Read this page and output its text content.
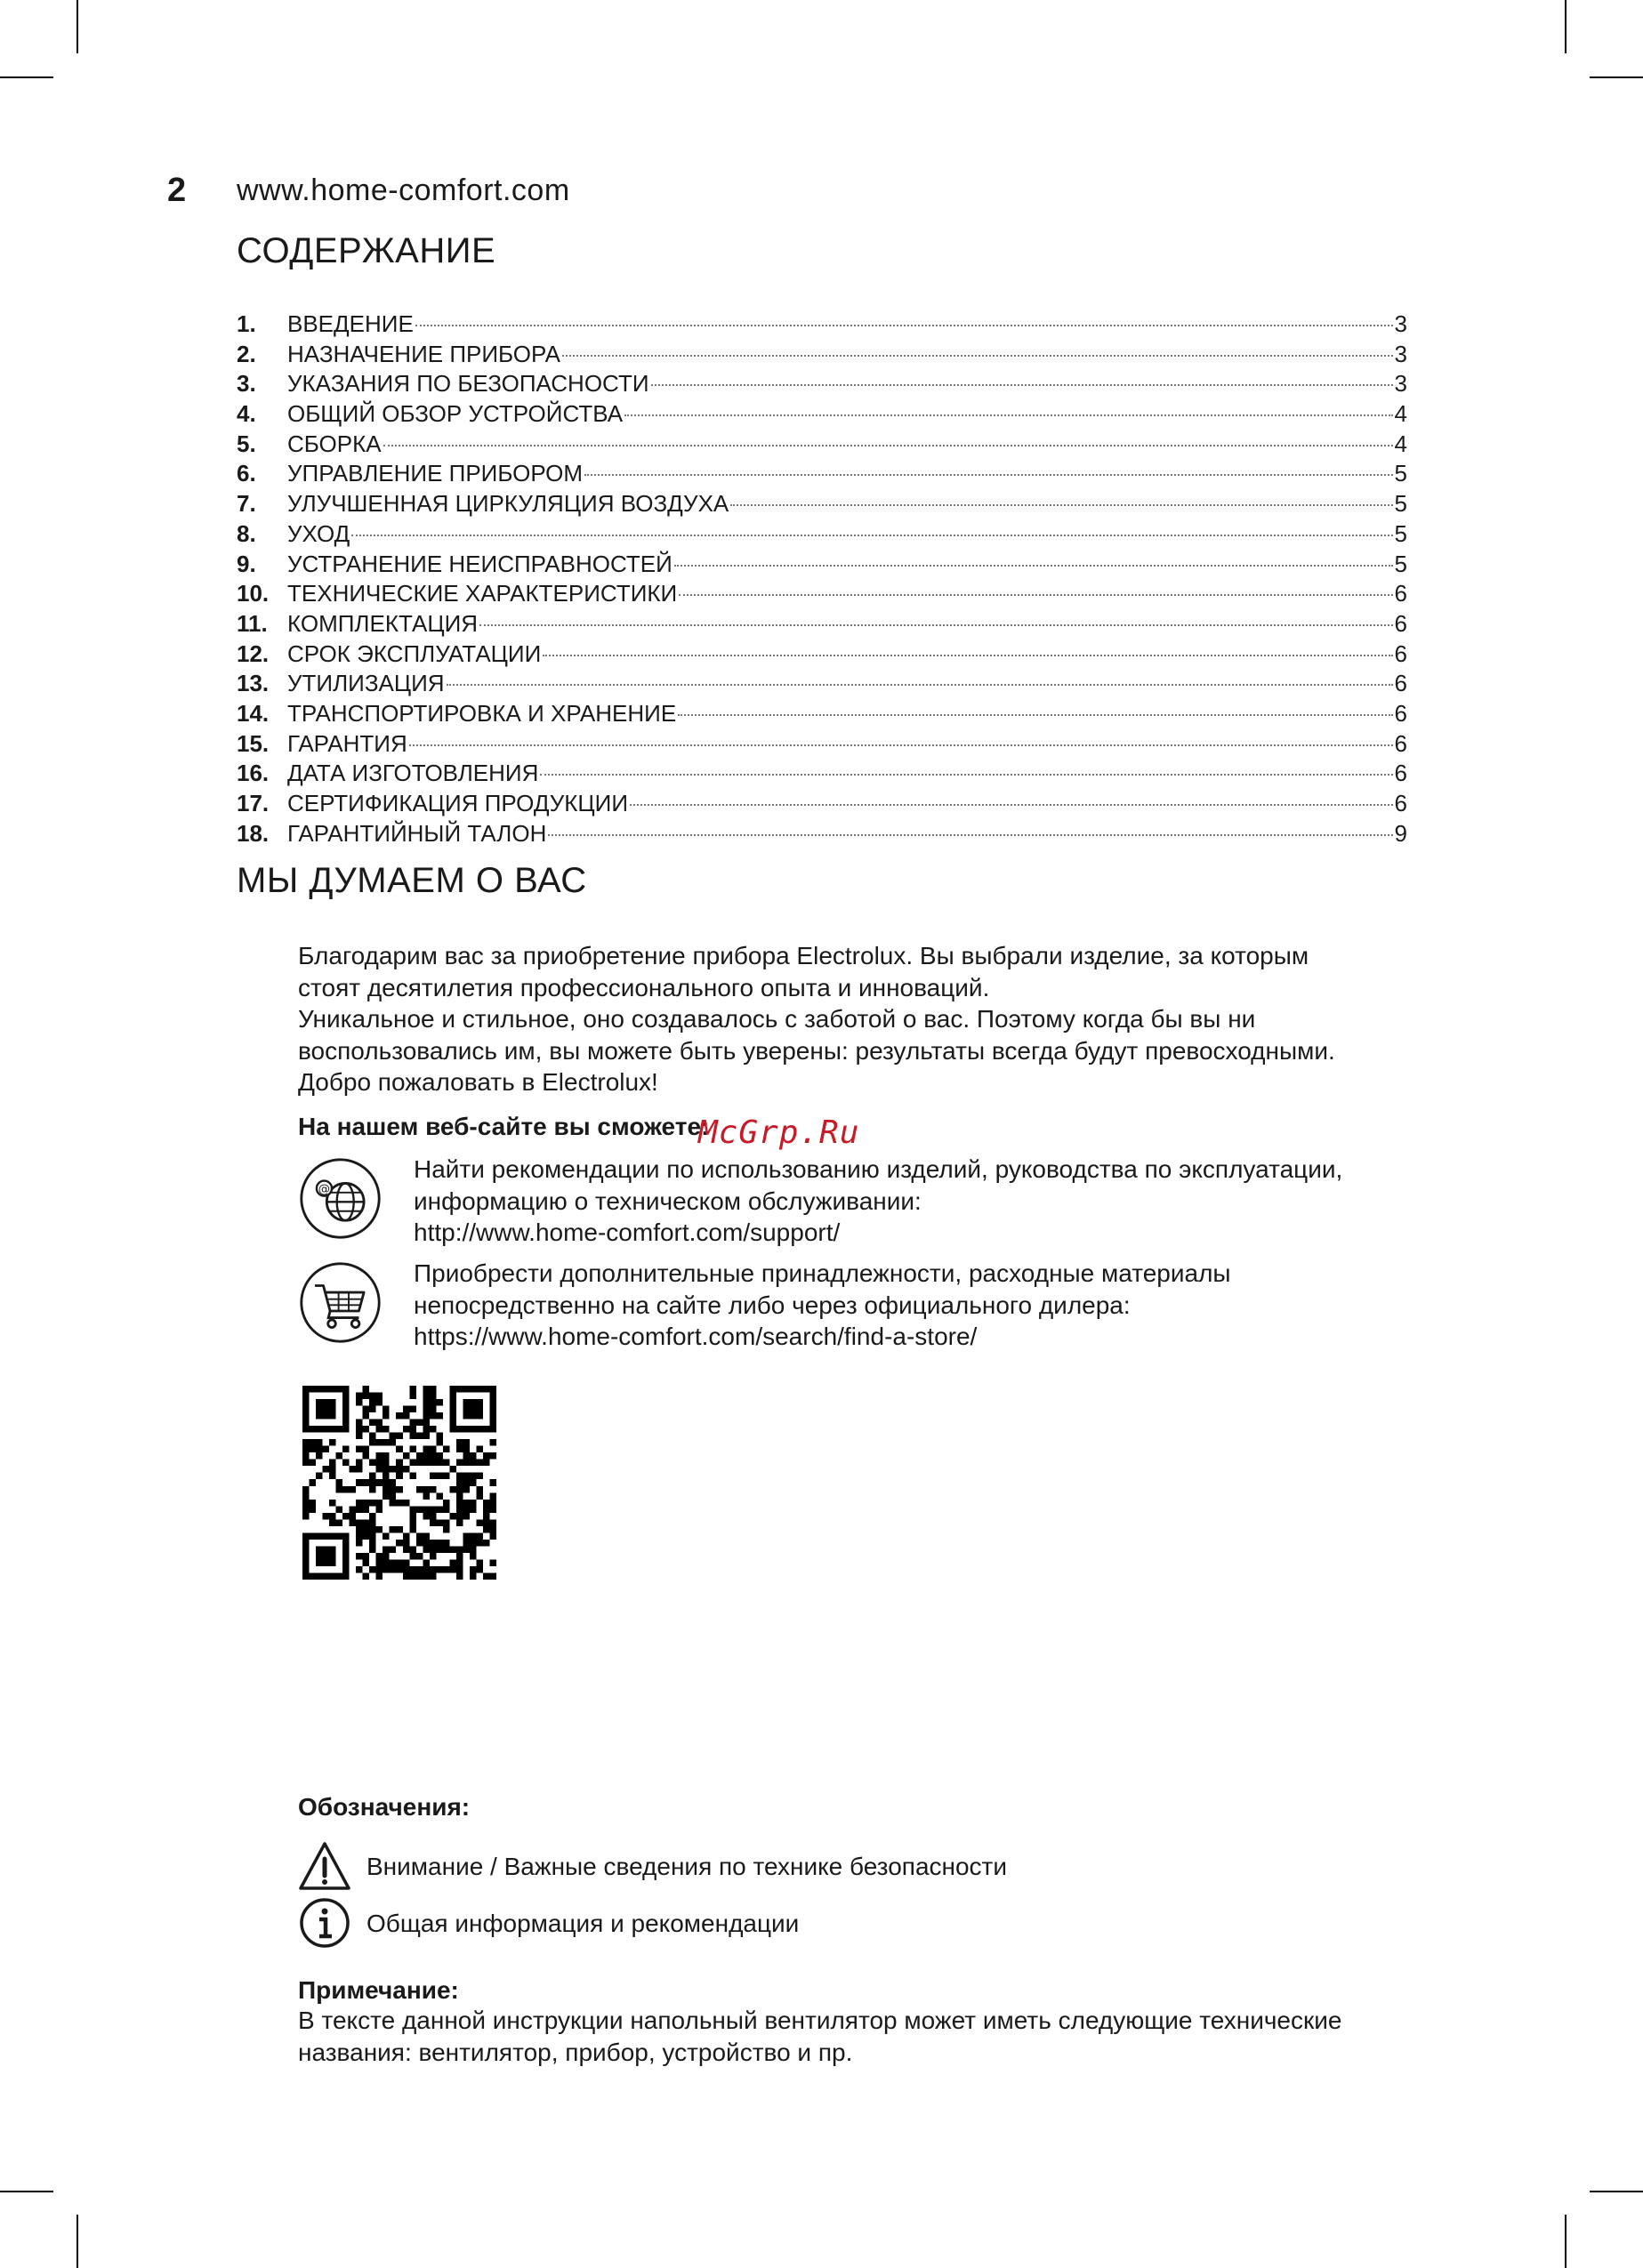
2 www.home-comfort.com
СОДЕРЖАНИЕ
1.	ВВЕДЕНИЕ	3
2.	НАЗНАЧЕНИЕ ПРИБОРА	3
3.	УКАЗАНИЯ ПО БЕЗОПАСНОСТИ	3
4.	ОБЩИЙ ОБЗОР УСТРОЙСТВА	4
5.	СБОРКА	4
6.	УПРАВЛЕНИЕ ПРИБОРОМ	5
7.	УЛУЧШЕННАЯ ЦИРКУЛЯЦИЯ ВОЗДУХА	5
8.	УХОД	5
9.	УСТРАНЕНИЕ НЕИСПРАВНОСТЕЙ	5
10. ТЕХНИЧЕСКИЕ ХАРАКТЕРИСТИКИ	6
11. КОМПЛЕКТАЦИЯ	6
12. СРОК ЭКСПЛУАТАЦИИ	6
13. УТИЛИЗАЦИЯ	6
14. ТРАНСПОРТИРОВКА И ХРАНЕНИЕ	6
15. ГАРАНТИЯ	6
16. ДАТА ИЗГОТОВЛЕНИЯ	6
17. СЕРТИФИКАЦИЯ ПРОДУКЦИИ	6
18. ГАРАНТИЙНЫЙ ТАЛОН	9
МЫ ДУМАЕМ О ВАС
Благодарим вас за приобретение прибора Electrolux. Вы выбрали изделие, за которым
стоят десятилетия профессионального опыта и инноваций.
Уникальное и стильное, оно создавалось с заботой о вас. Поэтому когда бы вы ни
воспользовались им, вы можете быть уверены: результаты всегда будут превосходными.
Добро пожаловать в Electrolux!
На нашем веб-сайте вы сможете:
McGrp.Ru
@
Найти рекомендации по использованию изделий, руководства по эксплуатации,
информацию о техническом обслуживании:
http://www.home-comfort.com/support/
Приобрести дополнительные принадлежности, расходные материалы
непосредственно на сайте либо через официального дилера:
https://www.home-comfort.com/search/find-a-store/
Обозначения:
Внимание / Важные сведения по технике безопасности
Общая информация и рекомендации
Примечание:
В тексте данной инструкции напольный вентилятор может иметь следующие технические
названия: вентилятор, прибор, устройство и пр.
